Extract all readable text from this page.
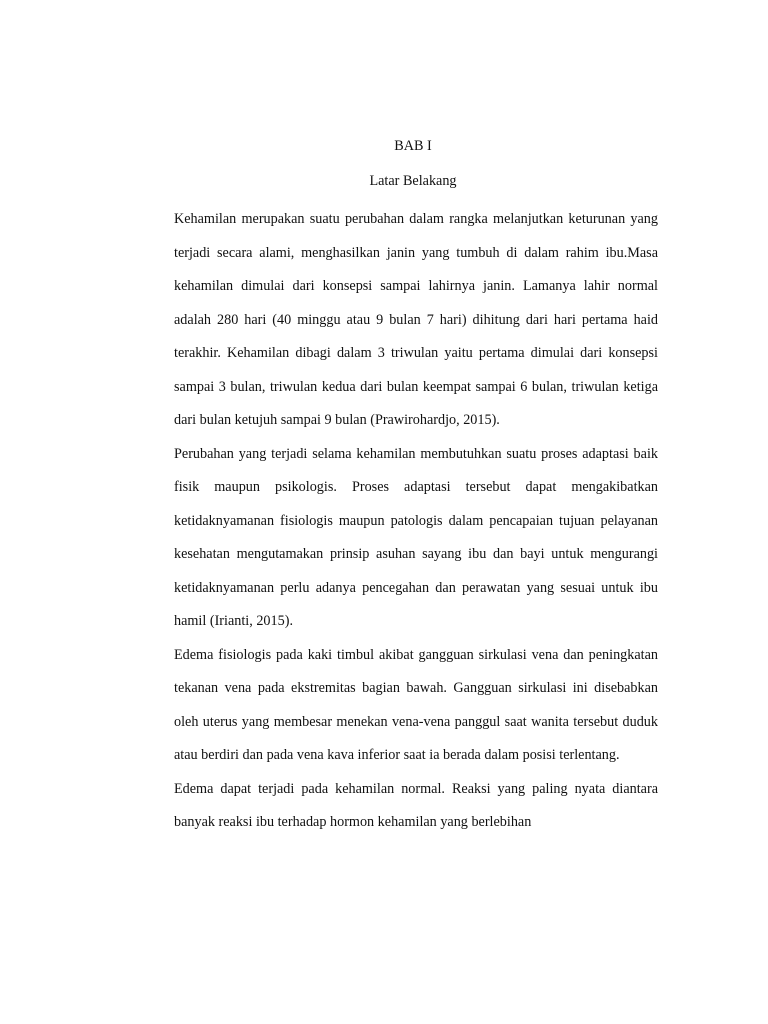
BAB I
Latar Belakang

Kehamilan merupakan suatu perubahan dalam rangka melanjutkan keturunan yang terjadi secara alami, menghasilkan janin yang tumbuh di dalam rahim ibu.Masa kehamilan dimulai dari konsepsi sampai lahirnya janin. Lamanya lahir normal adalah 280 hari (40 minggu atau 9 bulan 7 hari) dihitung dari hari pertama haid terakhir. Kehamilan dibagi dalam 3 triwulan yaitu pertama dimulai dari konsepsi sampai 3 bulan, triwulan kedua dari bulan keempat sampai 6 bulan, triwulan ketiga dari bulan ketujuh sampai 9 bulan (Prawirohardjo, 2015).

Perubahan yang terjadi selama kehamilan membutuhkan suatu proses adaptasi baik fisik maupun psikologis. Proses adaptasi tersebut dapat mengakibatkan ketidaknyamanan fisiologis maupun patologis dalam pencapaian tujuan pelayanan kesehatan mengutamakan prinsip asuhan sayang ibu dan bayi untuk mengurangi ketidaknyamanan perlu adanya pencegahan dan perawatan yang sesuai untuk ibu hamil (Irianti, 2015).

Edema fisiologis pada kaki timbul akibat gangguan sirkulasi vena dan peningkatan tekanan vena pada ekstremitas bagian bawah. Gangguan sirkulasi ini disebabkan oleh uterus yang membesar menekan vena-vena panggul saat wanita tersebut duduk atau berdiri dan pada vena kava inferior saat ia berada dalam posisi terlentang.

Edema dapat terjadi pada kehamilan normal. Reaksi yang paling nyata diantara banyak reaksi ibu terhadap hormon kehamilan yang berlebihan
